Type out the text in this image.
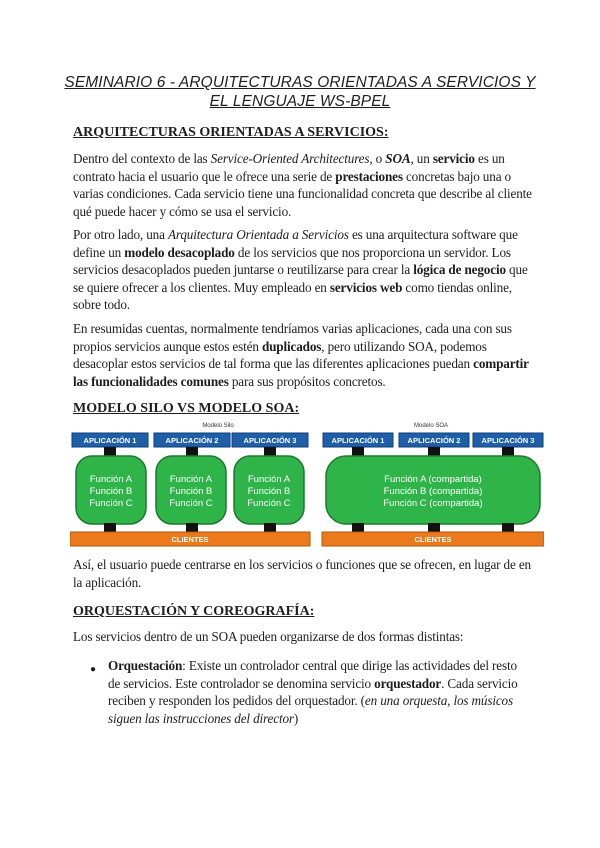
SEMINARIO 6 - ARQUITECTURAS ORIENTADAS A SERVICIOS Y
EL LENGUAJE WS-BPEL
ARQUITECTURAS ORIENTADAS A SERVICIOS:
Dentro del contexto de las Service-Oriented Architectures, o SOA, un servicio es un contrato hacia el usuario que le ofrece una serie de prestaciones concretas bajo una o varias condiciones. Cada servicio tiene una funcionalidad concreta que describe al cliente qué puede hacer y cómo se usa el servicio.
Por otro lado, una Arquitectura Orientada a Servicios es una arquitectura software que define un modelo desacoplado de los servicios que nos proporciona un servidor. Los servicios desacoplados pueden juntarse o reutilizarse para crear la lógica de negocio que se quiere ofrecer a los clientes. Muy empleado en servicios web como tiendas online, sobre todo.
En resumidas cuentas, normalmente tendríamos varias aplicaciones, cada una con sus propios servicios aunque estos estén duplicados, pero utilizando SOA, podemos desacoplar estos servicios de tal forma que las diferentes aplicaciones puedan compartir las funcionalidades comunes para sus propósitos concretos.
MODELO SILO VS MODELO SOA:
Modelo Silo
APLICACIÓN 1	APLICACIÓN 2	APLICACIÓN 3
Función A
Función B
Función C
Función A
Función B
Función C
Función A
Función B
Función C
CLIENTES
Modelo SOA
APLICACIÓN 1	APLICACIÓN 2	APLICACIÓN 3
Función A (compartida)
Función B (compartida)
Función C (compartida)
CLIENTES
Así, el usuario puede centrarse en los servicios o funciones que se ofrecen, en lugar de en la aplicación.
ORQUESTACIÓN Y COREOGRAFÍA:
Los servicios dentro de un SOA pueden organizarse de dos formas distintas:
● Orquestación: Existe un controlador central que dirige las actividades del resto de servicios. Este controlador se denomina servicio orquestador. Cada servicio reciben y responden los pedidos del orquestador. (en una orquesta, los músicos siguen las instrucciones del director)
